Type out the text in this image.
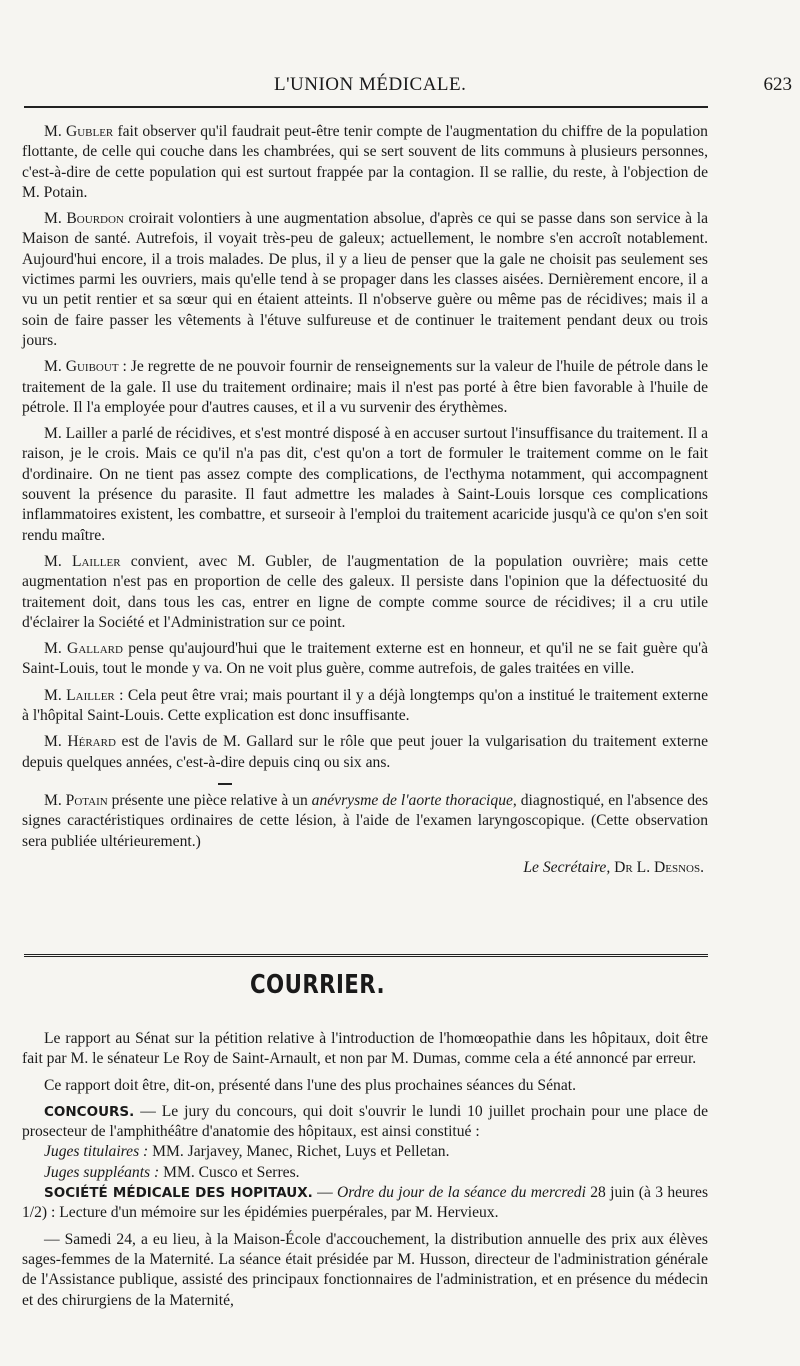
L'UNION MÉDICALE.	623

M. Gubler fait observer qu'il faudrait peut-être tenir compte de l'augmentation du chiffre de la population flottante, de celle qui couche dans les chambrées, qui se sert souvent de lits communs à plusieurs personnes, c'est-à-dire de cette population qui est surtout frappée par la contagion. Il se rallie, du reste, à l'objection de M. Potain.

M. Bourdon croirait volontiers à une augmentation absolue, d'après ce qui se passe dans son service à la Maison de santé. Autrefois, il voyait très-peu de galeux; actuellement, le nombre s'en accroît notablement. Aujourd'hui encore, il a trois malades. De plus, il y a lieu de penser que la gale ne choisit pas seulement ses victimes parmi les ouvriers, mais qu'elle tend à se propager dans les classes aisées. Dernièrement encore, il a vu un petit rentier et sa sœur qui en étaient atteints. Il n'observe guère ou même pas de récidives; mais il a soin de faire passer les vêtements à l'étuve sulfureuse et de continuer le traitement pendant deux ou trois jours.

M. Guibout : Je regrette de ne pouvoir fournir de renseignements sur la valeur de l'huile de pétrole dans le traitement de la gale. Il use du traitement ordinaire; mais il n'est pas porté à être bien favorable à l'huile de pétrole. Il l'a employée pour d'autres causes, et il a vu survenir des érythèmes.

M. Lailler a parlé de récidives, et s'est montré disposé à en accuser surtout l'insuffisance du traitement. Il a raison, je le crois. Mais ce qu'il n'a pas dit, c'est qu'on a tort de formuler le traitement comme on le fait d'ordinaire. On ne tient pas assez compte des complications, de l'ecthyma notamment, qui accompagnent souvent la présence du parasite. Il faut admettre les malades à Saint-Louis lorsque ces complications inflammatoires existent, les combattre, et surseoir à l'emploi du traitement acaricide jusqu'à ce qu'on s'en soit rendu maître.

M. Lailler convient, avec M. Gubler, de l'augmentation de la population ouvrière; mais cette augmentation n'est pas en proportion de celle des galeux. Il persiste dans l'opinion que la défectuosité du traitement doit, dans tous les cas, entrer en ligne de compte comme source de récidives; il a cru utile d'éclairer la Société et l'Administration sur ce point.

M. Gallard pense qu'aujourd'hui que le traitement externe est en honneur, et qu'il ne se fait guère qu'à Saint-Louis, tout le monde y va. On ne voit plus guère, comme autrefois, de gales traitées en ville.

M. Lailler : Cela peut être vrai; mais pourtant il y a déjà longtemps qu'on a institué le traitement externe à l'hôpital Saint-Louis. Cette explication est donc insuffisante.

M. Hérard est de l'avis de M. Gallard sur le rôle que peut jouer la vulgarisation du traitement externe depuis quelques années, c'est-à-dire depuis cinq ou six ans.

M. Potain présente une pièce relative à un anévrysme de l'aorte thoracique, diagnostiqué, en l'absence des signes caractéristiques ordinaires de cette lésion, à l'aide de l'examen laryngoscopique. (Cette observation sera publiée ultérieurement.)

Le Secrétaire, Dr L. Desnos.
COURRIER.

Le rapport au Sénat sur la pétition relative à l'introduction de l'homœopathie dans les hôpitaux, doit être fait par M. le sénateur Le Roy de Saint-Arnault, et non par M. Dumas, comme cela a été annoncé par erreur.

Ce rapport doit être, dit-on, présenté dans l'une des plus prochaines séances du Sénat.

CONCOURS. — Le jury du concours, qui doit s'ouvrir le lundi 10 juillet prochain pour une place de prosecteur de l'amphithéâtre d'anatomie des hôpitaux, est ainsi constitué :

Juges titulaires : MM. Jarjavey, Manec, Richet, Luys et Pelletan.

Juges suppléants : MM. Cusco et Serres.

SOCIÉTÉ MÉDICALE DES HOPITAUX. — Ordre du jour de la séance du mercredi 28 juin (à 3 heures 1/2) : Lecture d'un mémoire sur les épidémies puerpérales, par M. Hervieux.

— Samedi 24, a eu lieu, à la Maison-École d'accouchement, la distribution annuelle des prix aux élèves sages-femmes de la Maternité. La séance était présidée par M. Husson, directeur de l'administration générale de l'Assistance publique, assisté des principaux fonctionnaires de l'administration, et en présence du médecin et des chirurgiens de la Maternité,
